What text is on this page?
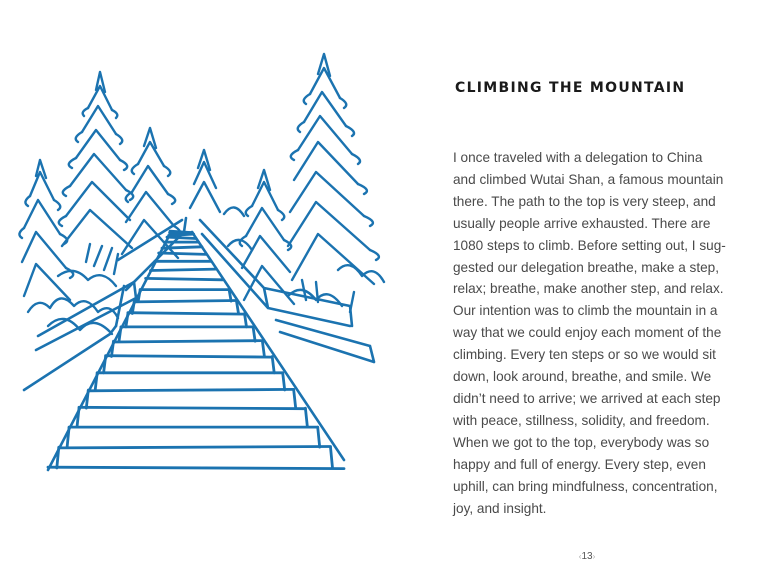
CLIMBING THE MOUNTAIN
I once traveled with a delegation to China
and climbed Wutai Shan, a famous mountain
there. The path to the top is very steep, and
usually people arrive exhausted. There are
1080 steps to climb. Before setting out, I sug-
gested our delegation breathe, make a step,
relax; breathe, make another step, and relax.
Our intention was to climb the mountain in a
way that we could enjoy each moment of the
climbing. Every ten steps or so we would sit
down, look around, breathe, and smile. We
didn’t need to arrive; we arrived at each step
with peace, stillness, solidity, and freedom.
When we got to the top, everybody was so
happy and full of energy. Every step, even
uphill, can bring mindfulness, concentration,
joy, and insight.
‹13›
